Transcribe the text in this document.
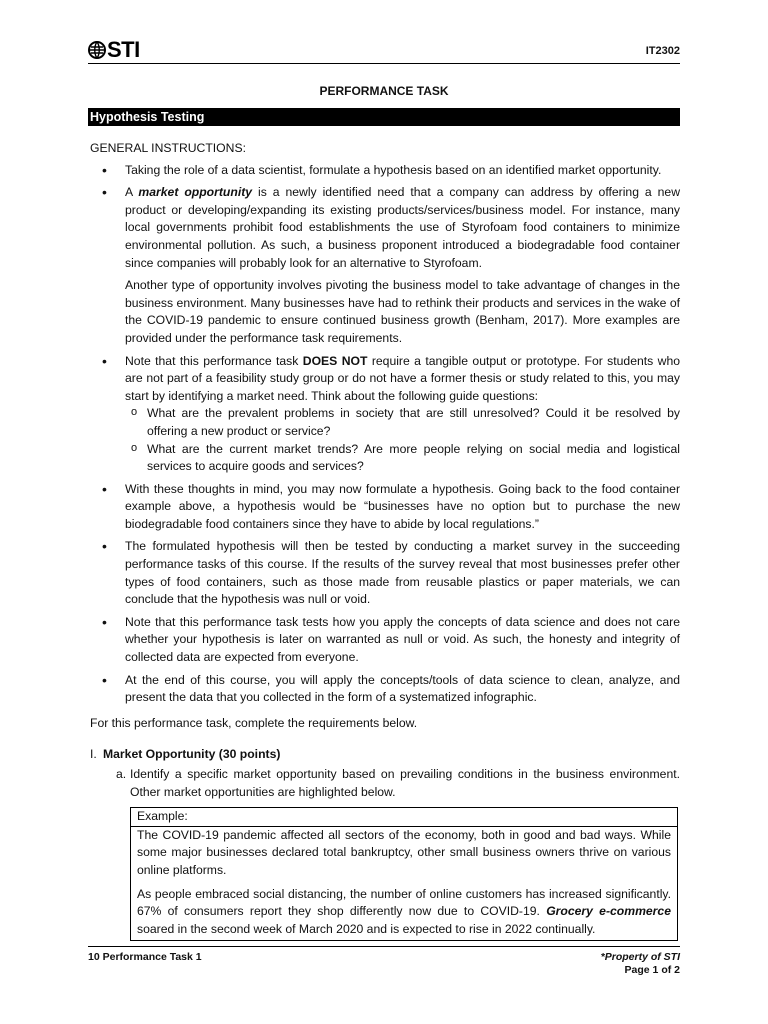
STI	IT2302
PERFORMANCE TASK
Hypothesis Testing
GENERAL INSTRUCTIONS:
• Taking the role of a data scientist, formulate a hypothesis based on an identified market opportunity.
• A market opportunity is a newly identified need that a company can address by offering a new product or developing/expanding its existing products/services/business model. For instance, many local governments prohibit food establishments the use of Styrofoam food containers to minimize environmental pollution. As such, a business proponent introduced a biodegradable food container since companies will probably look for an alternative to Styrofoam.
Another type of opportunity involves pivoting the business model to take advantage of changes in the business environment. Many businesses have had to rethink their products and services in the wake of the COVID-19 pandemic to ensure continued business growth (Benham, 2017). More examples are provided under the performance task requirements.
• Note that this performance task DOES NOT require a tangible output or prototype. For students who are not part of a feasibility study group or do not have a former thesis or study related to this, you may start by identifying a market need. Think about the following guide questions:
o What are the prevalent problems in society that are still unresolved? Could it be resolved by offering a new product or service?
o What are the current market trends? Are more people relying on social media and logistical services to acquire goods and services?
• With these thoughts in mind, you may now formulate a hypothesis. Going back to the food container example above, a hypothesis would be “businesses have no option but to purchase the new biodegradable food containers since they have to abide by local regulations.”
• The formulated hypothesis will then be tested by conducting a market survey in the succeeding performance tasks of this course. If the results of the survey reveal that most businesses prefer other types of food containers, such as those made from reusable plastics or paper materials, we can conclude that the hypothesis was null or void.
• Note that this performance task tests how you apply the concepts of data science and does not care whether your hypothesis is later on warranted as null or void. As such, the honesty and integrity of collected data are expected from everyone.
• At the end of this course, you will apply the concepts/tools of data science to clean, analyze, and present the data that you collected in the form of a systematized infographic.
For this performance task, complete the requirements below.
I. Market Opportunity (30 points)
a. Identify a specific market opportunity based on prevailing conditions in the business environment. Other market opportunities are highlighted below.
Example:

The COVID-19 pandemic affected all sectors of the economy, both in good and bad ways. While some major businesses declared total bankruptcy, other small business owners thrive on various online platforms.

As people embraced social distancing, the number of online customers has increased significantly. 67% of consumers report they shop differently now due to COVID-19. Grocery e-commerce soared in the second week of March 2020 and is expected to rise in 2022 continually.

10 Performance Task 1	*Property of STI
Page 1 of 2
